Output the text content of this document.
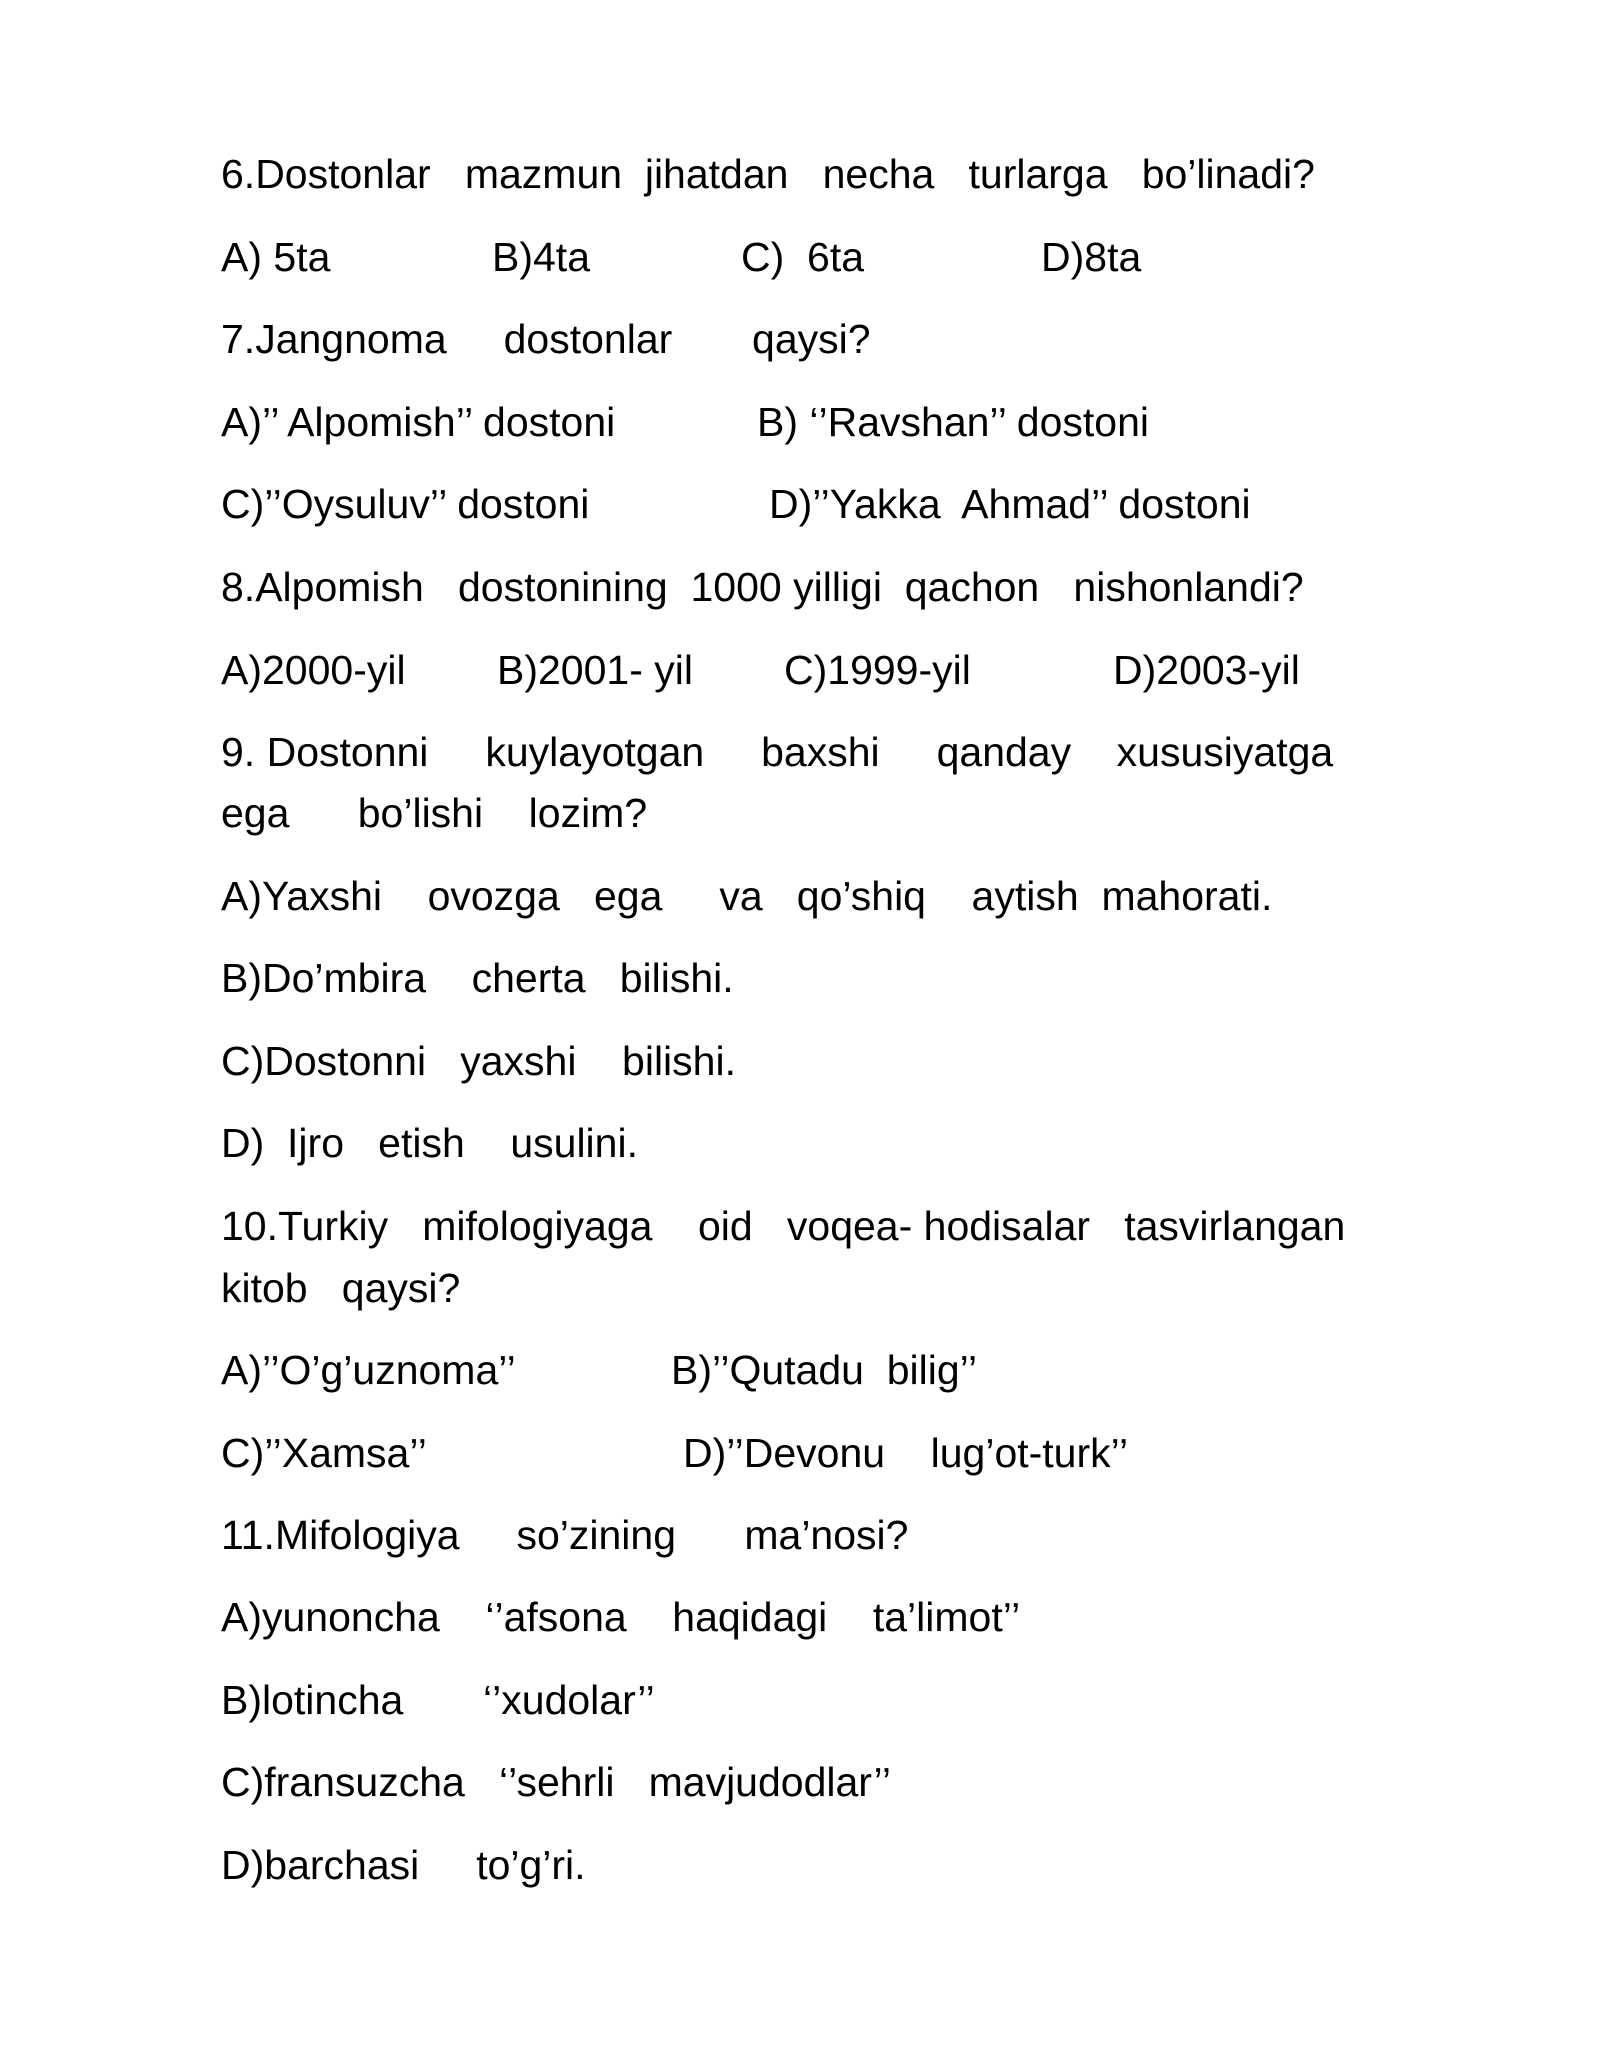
6.Dostonlar   mazmun  jihatdan   necha   turlarga   bo’linadi?
A) 5ta	B)4ta	C)  6ta	D)8ta
7.Jangnoma     dostonlar       qaysi?
A)’’ Alpomish’’ dostoni	B) ‘’Ravshan’’ dostoni
C)’’Oysuluv’’ dostoni	D)’’Yakka  Ahmad’’ dostoni
8.Alpomish   dostonining  1000 yilligi  qachon   nishonlandi?
A)2000-yil B)2001- yil C)1999-yil	D)2003-yil
9. Dostonni     kuylayotgan     baxshi     qanday    xususiyatga
ega      bo’lishi    lozim?
A)Yaxshi    ovozga   ega     va   qo’shiq    aytish  mahorati.
B)Do’mbira    cherta   bilishi.
C)Dostonni   yaxshi    bilishi.
D)  Ijro   etish    usulini.
10.Turkiy   mifologiyaga    oid   voqea- hodisalar   tasvirlangan
kitob   qaysi?
A)’’O’g’uznoma’’	B)’’Qutadu  bilig’’
C)’’Xamsa’’	D)’’Devonu    lug’ot-turk’’
11.Mifologiya     so’zining      ma’nosi?
A)yunoncha    ‘’afsona    haqidagi    ta’limot’’
B)lotincha       ‘’xudolar’’
C)fransuzcha   ‘’sehrli   mavjudodlar’’
D)barchasi     to’g’ri.
